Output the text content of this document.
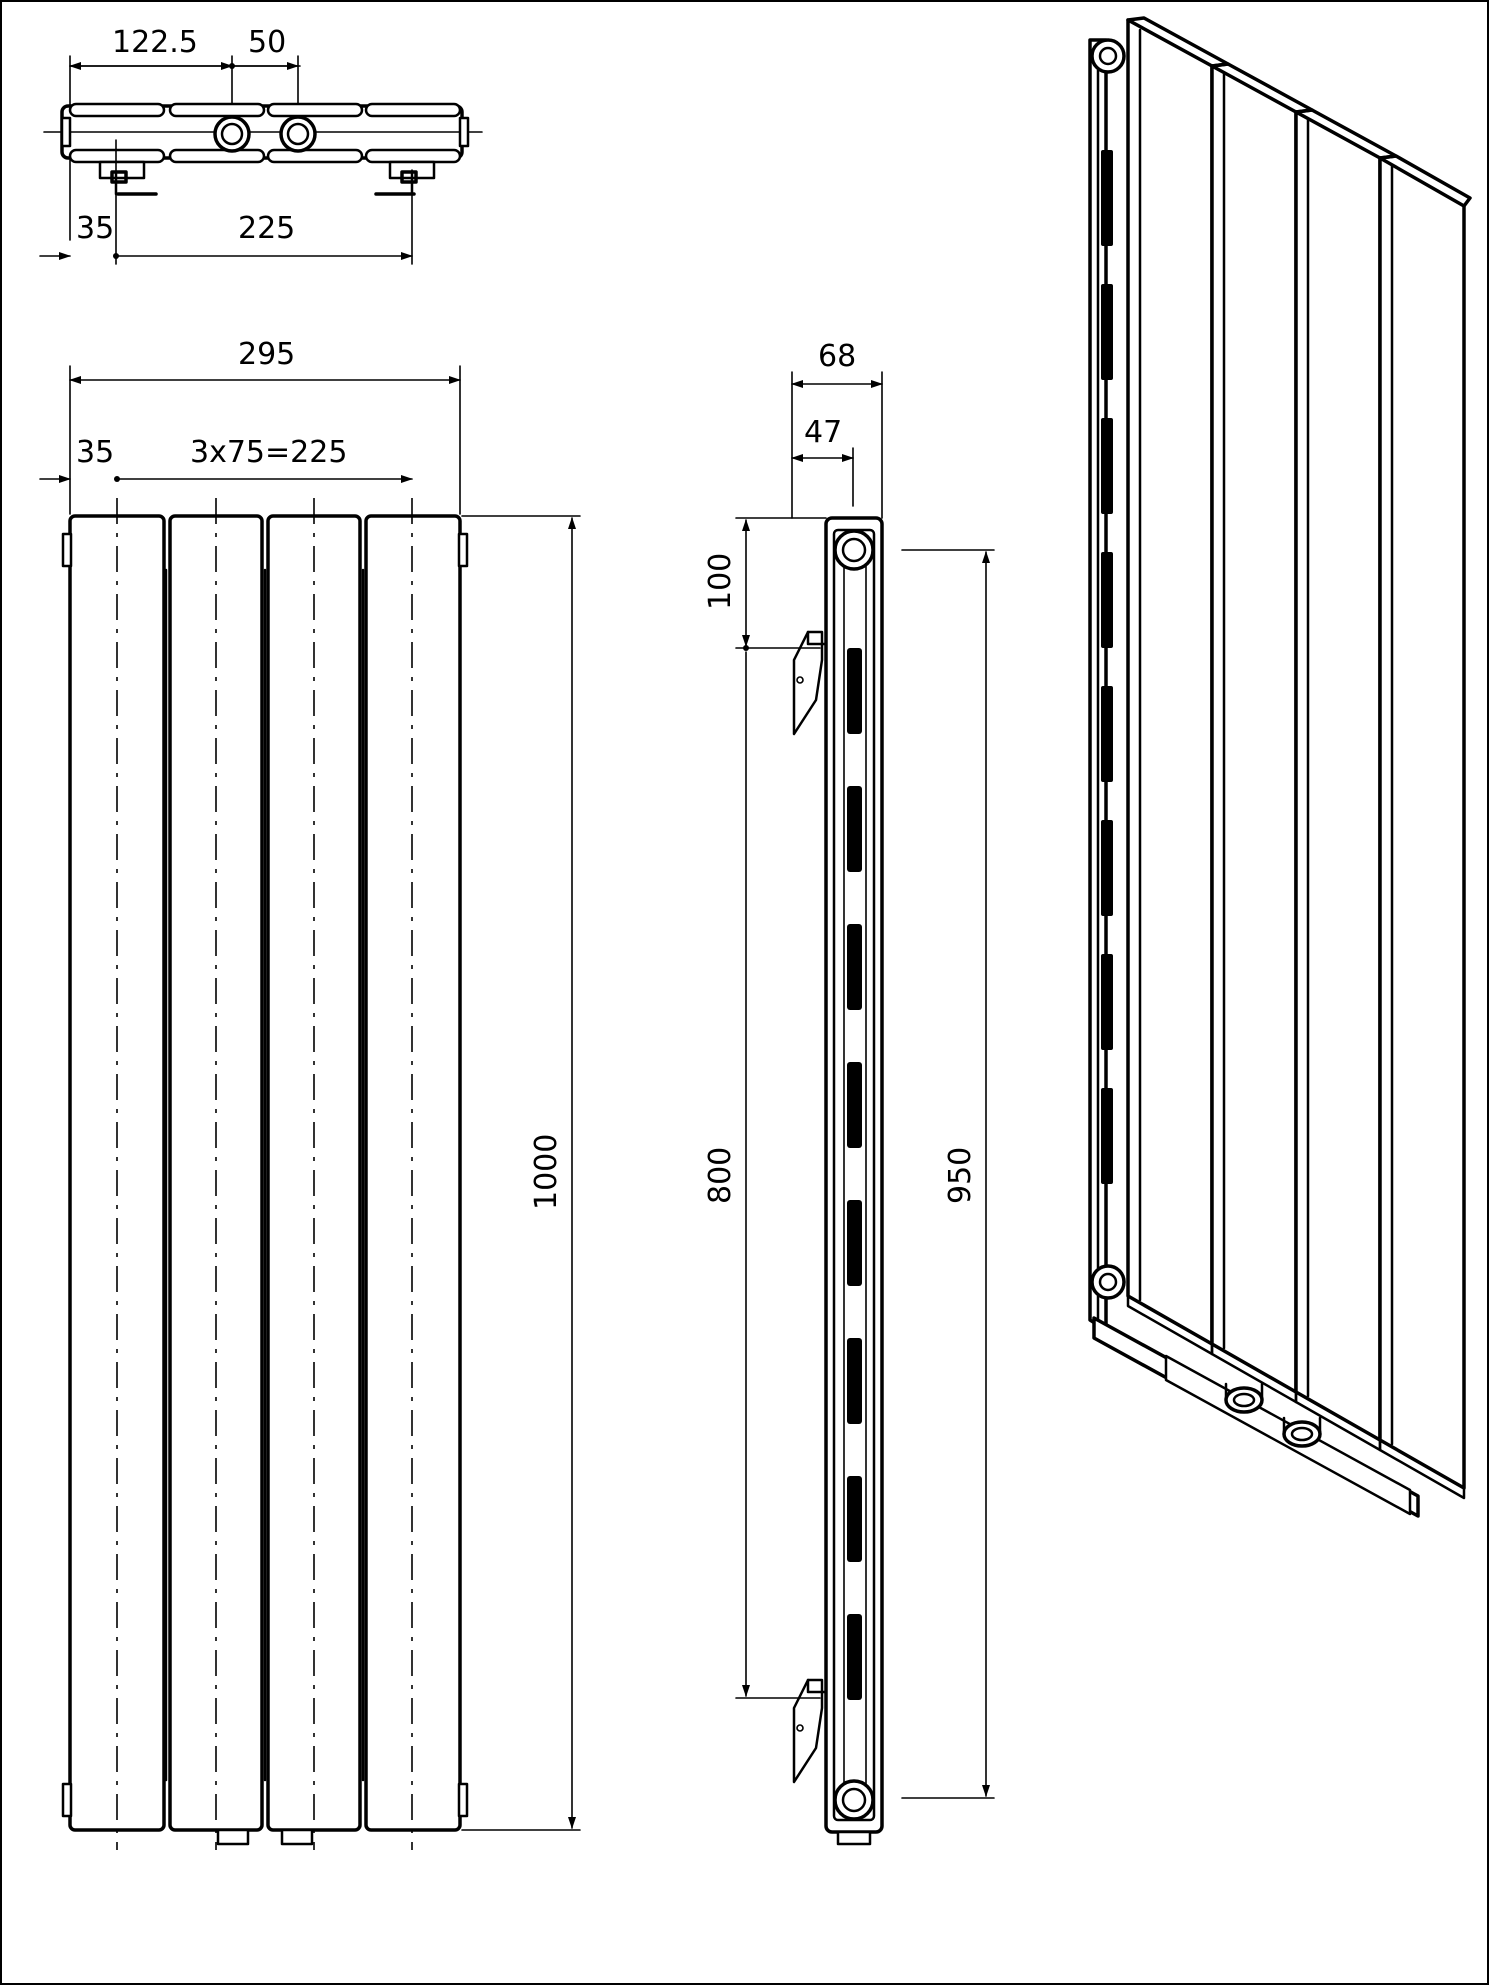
122.5 50
35	225
295
35	3x75=225
1000
68
47
100
800	950
